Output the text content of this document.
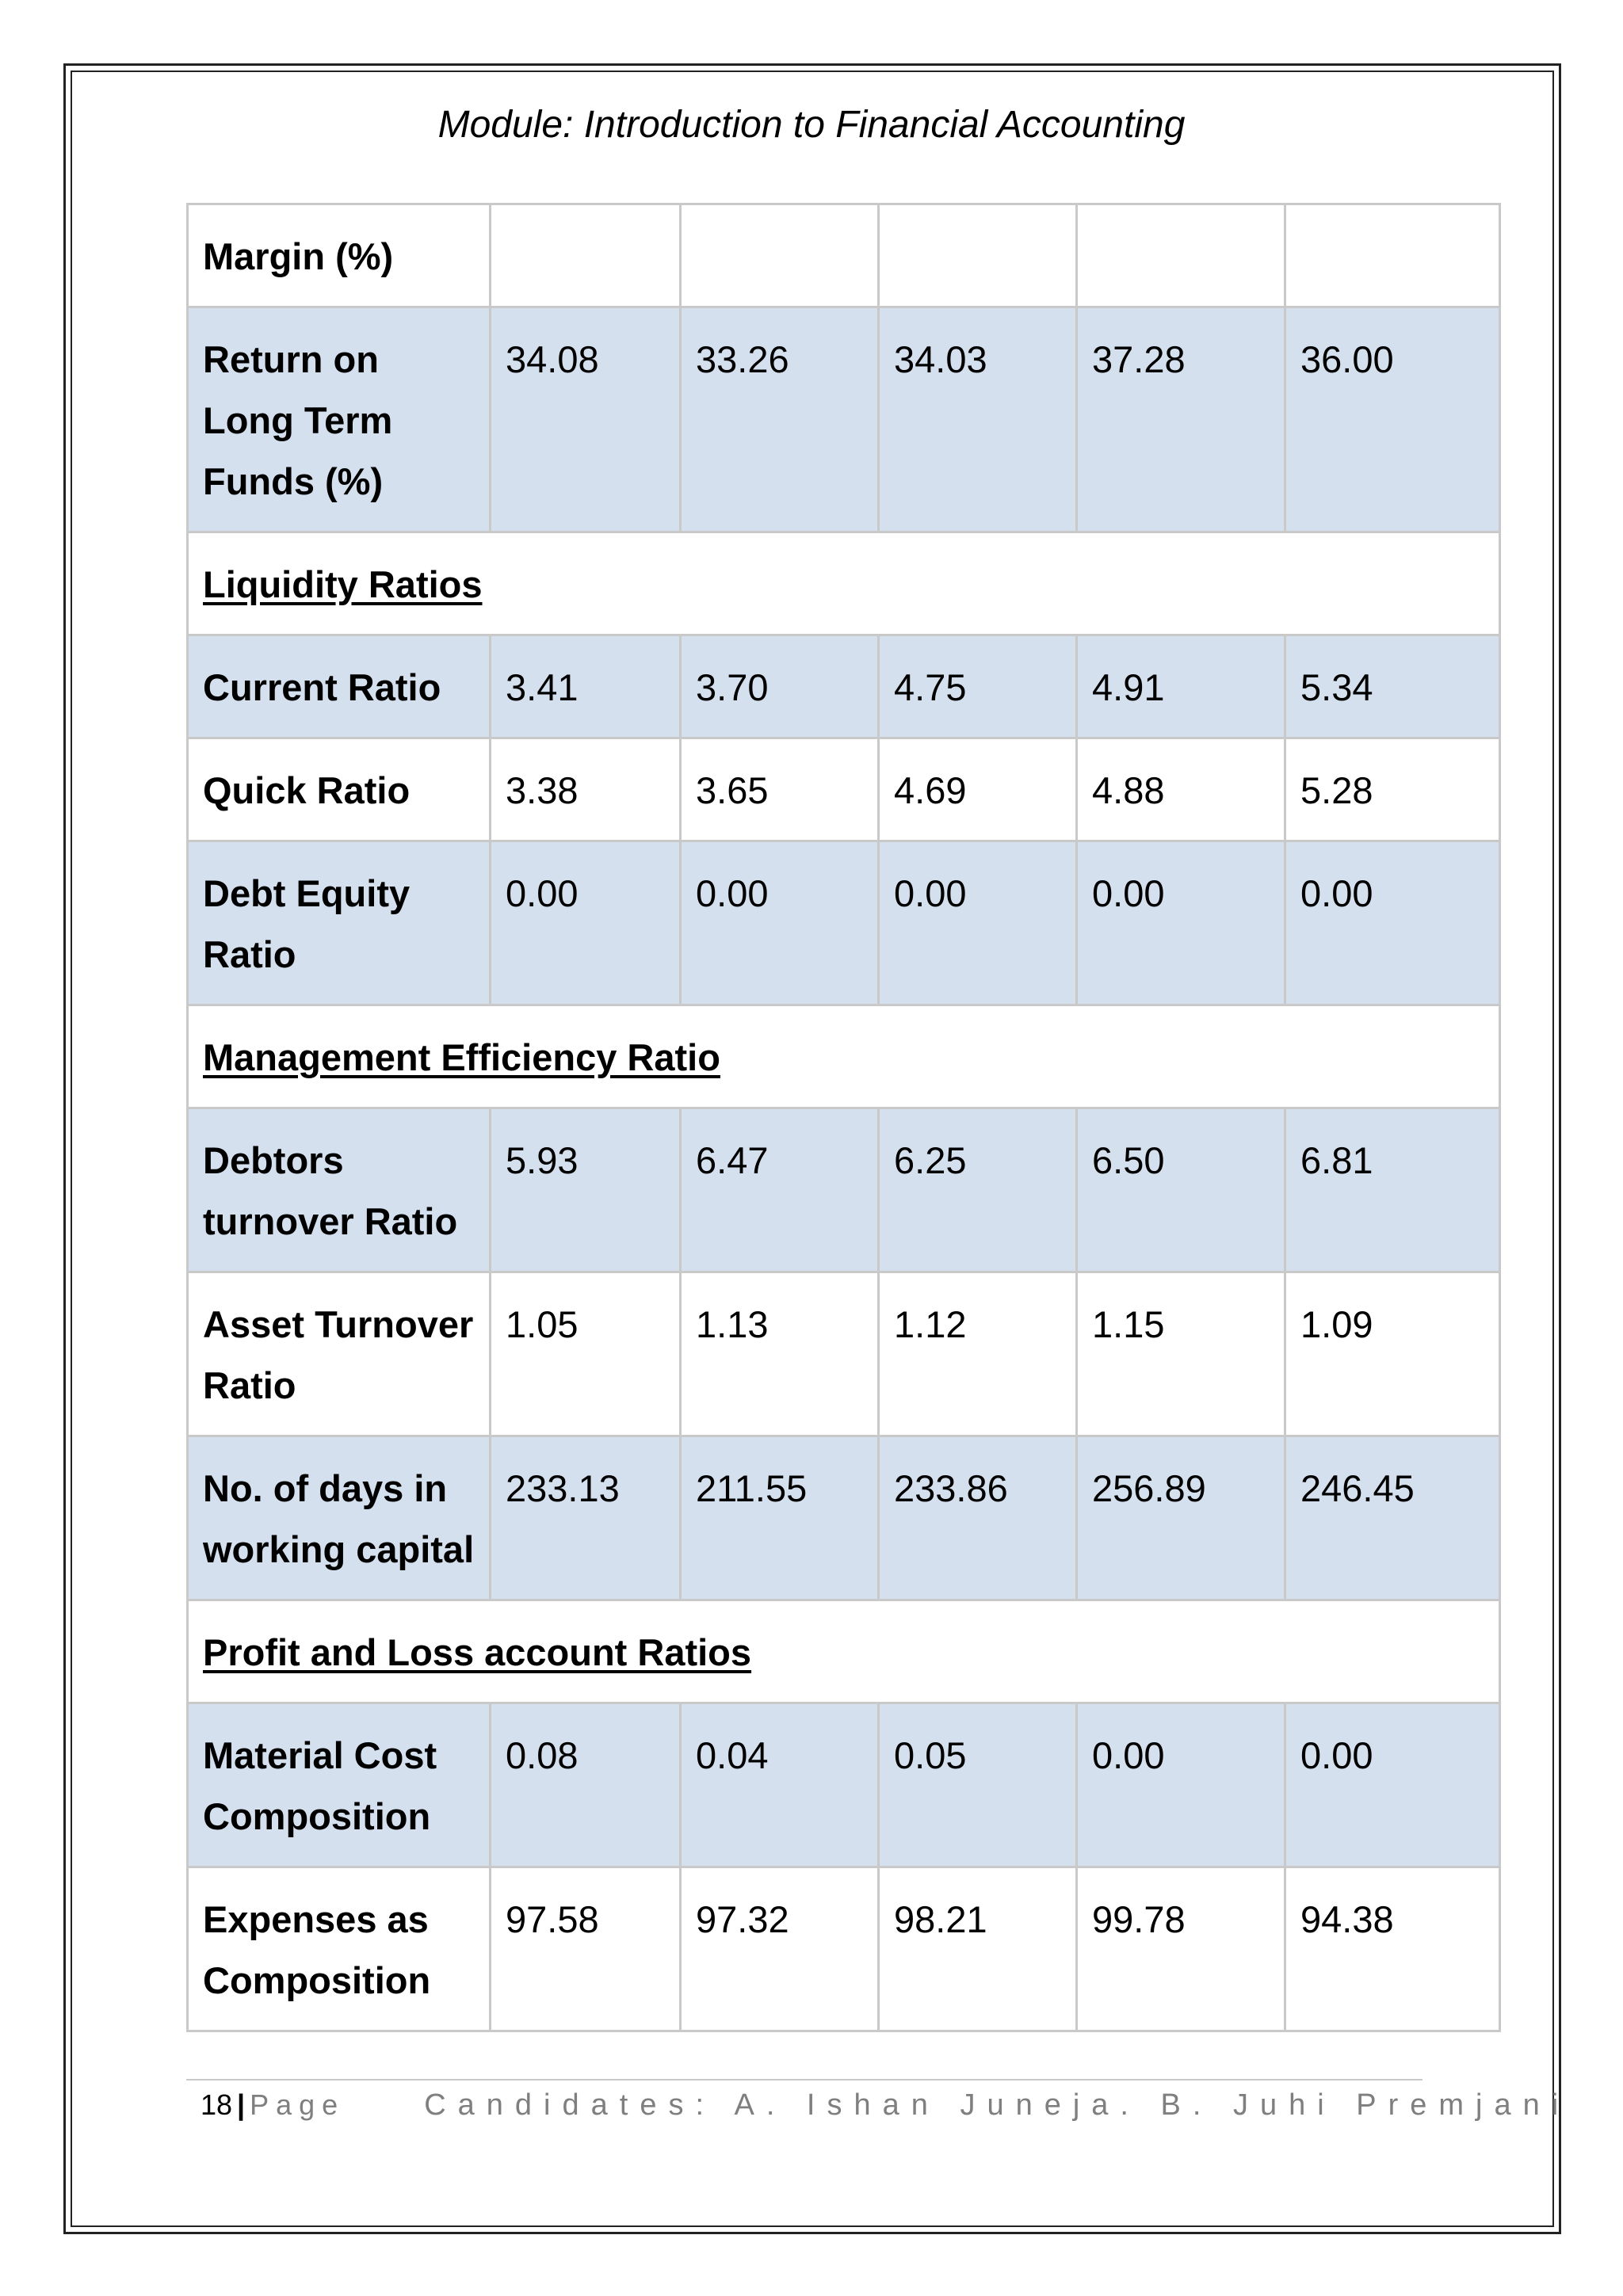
Module: Introduction to Financial Accounting
Margin (%)					
Return on Long Term Funds (%)	34.08	33.26	34.03	37.28	36.00
Liquidity Ratios					
Current Ratio	3.41	3.70	4.75	4.91	5.34
Quick Ratio	3.38	3.65	4.69	4.88	5.28
Debt Equity Ratio	0.00	0.00	0.00	0.00	0.00
Management Efficiency Ratio					
Debtors turnover Ratio	5.93	6.47	6.25	6.50	6.81
Asset Turnover Ratio	1.05	1.13	1.12	1.15	1.09
No. of days in working capital	233.13	211.55	233.86	256.89	246.45
Profit and Loss account Ratios					
Material Cost Composition	0.08	0.04	0.05	0.00	0.00
Expenses as Composition	97.58	97.32	98.21	99.78	94.38
18 | Page	Candidates: A. Ishan Juneja. B. Juhi Premjani
